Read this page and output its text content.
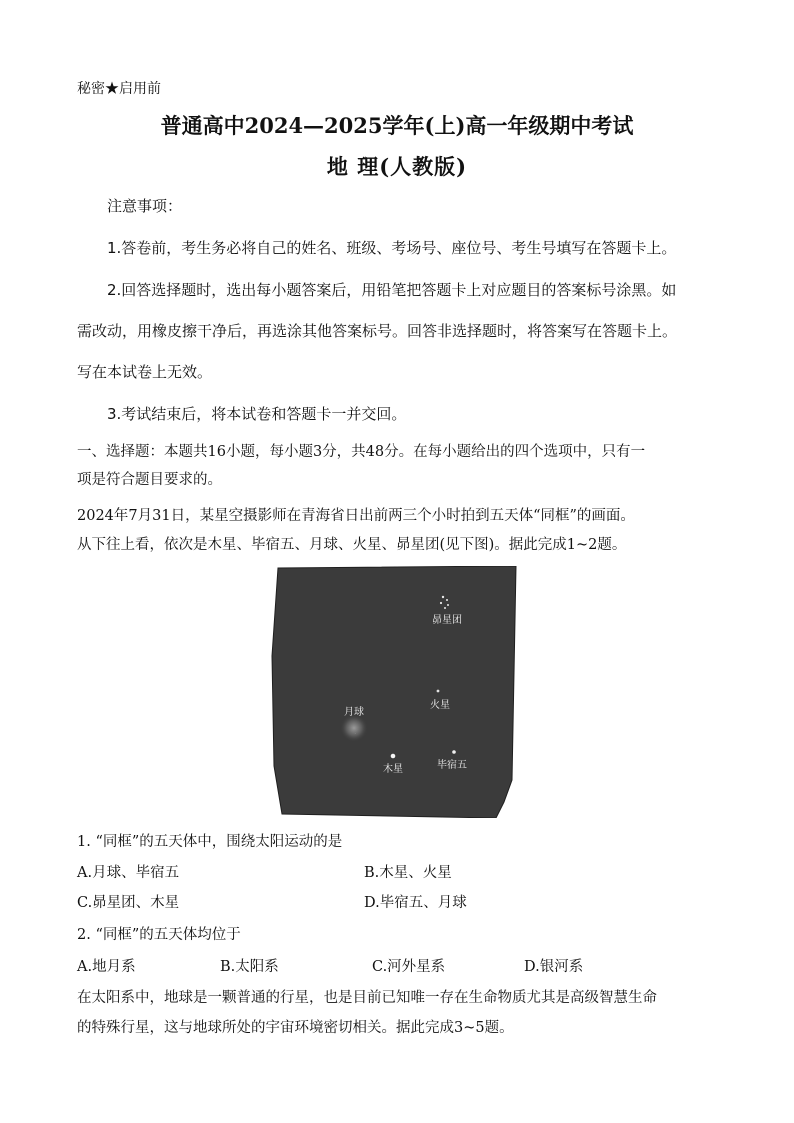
秘密★启用前
普通高中2024—2025学年(上)高一年级期中考试
地 理(人教版)
注意事项：
1.答卷前，考生务必将自己的姓名、班级、考场号、座位号、考生号填写在答题卡上。
2.回答选择题时，选出每小题答案后，用铅笔把答题卡上对应题目的答案标号涂黑。如
需改动，用橡皮擦干净后，再选涂其他答案标号。回答非选择题时，将答案写在答题卡上。
写在本试卷上无效。
3.考试结束后，将本试卷和答题卡一并交回。
一、选择题：本题共16小题，每小题3分，共48分。在每小题给出的四个选项中，只有一
项是符合题目要求的。
2024年7月31日，某星空摄影师在青海省日出前两三个小时拍到五天体“同框”的画面。
从下往上看，依次是木星、毕宿五、月球、火星、昴星团(见下图)。据此完成1~2题。
昴星团
火星
月球
木星	毕宿五
1. “同框”的五天体中，围绕太阳运动的是
A.月球、毕宿五	B.木星、火星
C.昴星团、木星	D.毕宿五、月球
2. “同框”的五天体均位于
A.地月系	B.太阳系	C.河外星系	D.银河系
在太阳系中，地球是一颗普通的行星，也是目前已知唯一存在生命物质尤其是高级智慧生命
的特殊行星，这与地球所处的宇宙环境密切相关。据此完成3~5题。
